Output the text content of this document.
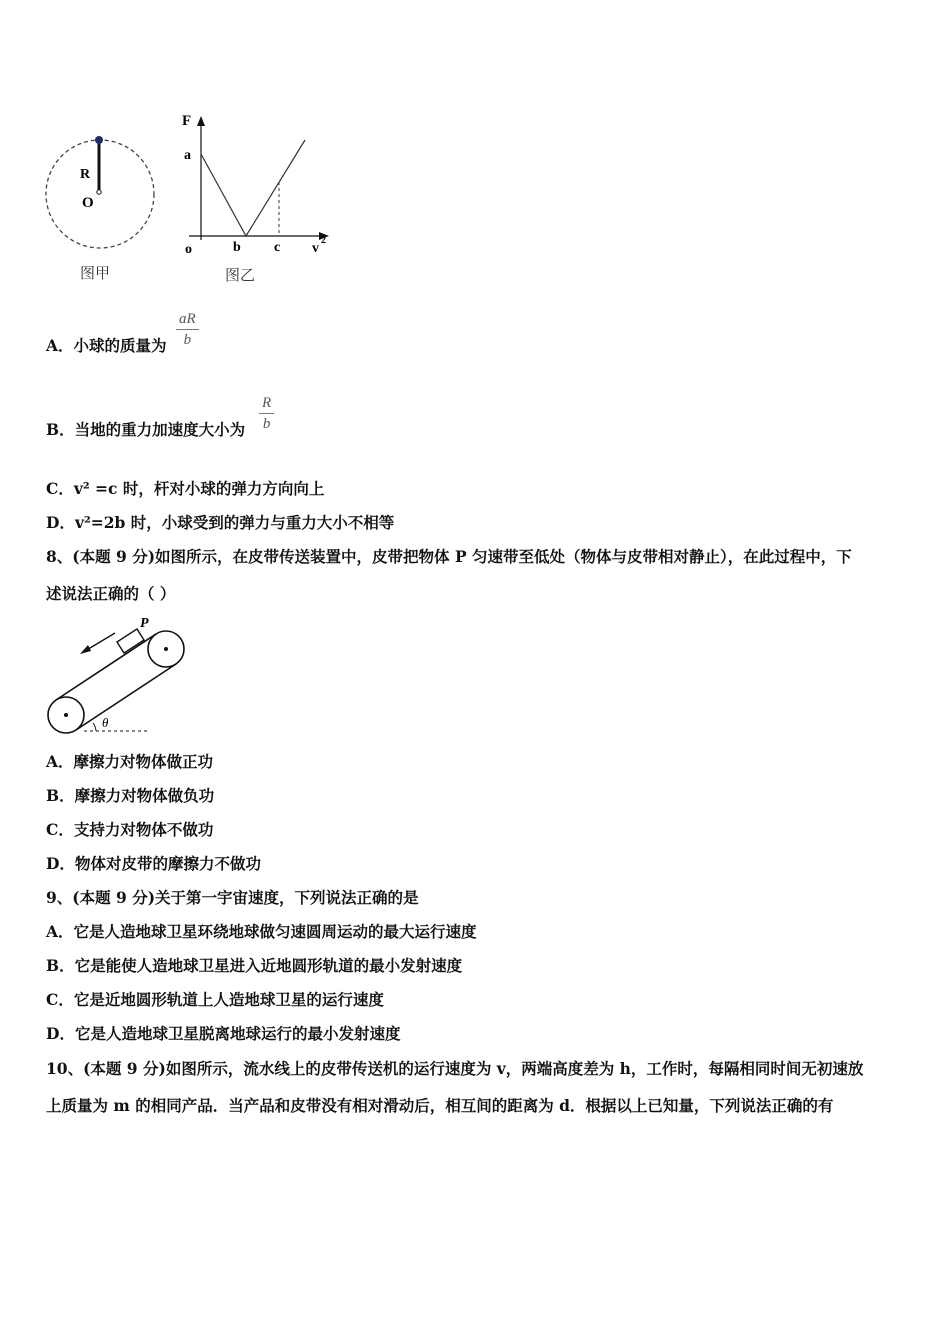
R
O
图甲
F
a
o	b c v
2
图乙
A．小球的质量为
aR
b
B．当地的重力加速度大小为
R
b
C．v² =c 时，杆对小球的弹力方向向上
D．v²=2b 时，小球受到的弹力与重力大小不相等
8、(本题 9 分)如图所示，在皮带传送装置中，皮带把物体 P 匀速带至低处（物体与皮带相对静止），在此过程中，下
述说法正确的（ ）
P
θ
A．摩擦力对物体做正功
B．摩擦力对物体做负功
C．支持力对物体不做功
D．物体对皮带的摩擦力不做功
9、(本题 9 分)关于第一宇宙速度，下列说法正确的是
A．它是人造地球卫星环绕地球做匀速圆周运动的最大运行速度
B．它是能使人造地球卫星进入近地圆形轨道的最小发射速度
C．它是近地圆形轨道上人造地球卫星的运行速度
D．它是人造地球卫星脱离地球运行的最小发射速度
10、(本题 9 分)如图所示，流水线上的皮带传送机的运行速度为 v，两端高度差为 h，工作时，每隔相同时间无初速放
上质量为 m 的相同产品．当产品和皮带没有相对滑动后，相互间的距离为 d．根据以上已知量，下列说法正确的有
